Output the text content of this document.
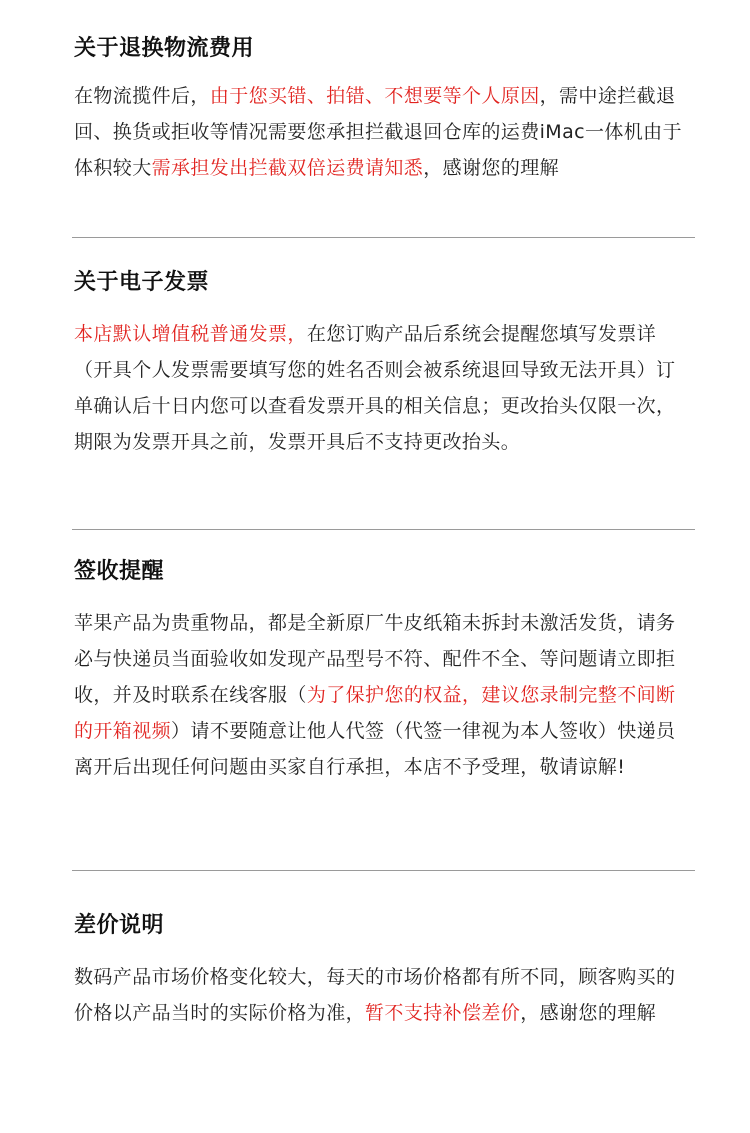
关于退换物流费用

在物流揽件后，由于您买错、拍错、不想要等个人原因，需中途拦截退回、换货或拒收等情况需要您承担拦截退回仓库的运费iMac一体机由于体积较大需承担发出拦截双倍运费请知悉，感谢您的理解

关于电子发票

本店默认增值税普通发票，在您订购产品后系统会提醒您填写发票详（开具个人发票需要填写您的姓名否则会被系统退回导致无法开具）订单确认后十日内您可以查看发票开具的相关信息；更改抬头仅限一次，期限为发票开具之前，发票开具后不支持更改抬头。

签收提醒

苹果产品为贵重物品，都是全新原厂牛皮纸箱未拆封未激活发货，请务必与快递员当面验收如发现产品型号不符、配件不全、等问题请立即拒收，并及时联系在线客服（为了保护您的权益，建议您录制完整不间断的开箱视频）请不要随意让他人代签（代签一律视为本人签收）快递员离开后出现任何问题由买家自行承担，本店不予受理，敬请谅解!

差价说明

数码产品市场价格变化较大，每天的市场价格都有所不同，顾客购买的价格以产品当时的实际价格为准，暂不支持补偿差价，感谢您的理解
